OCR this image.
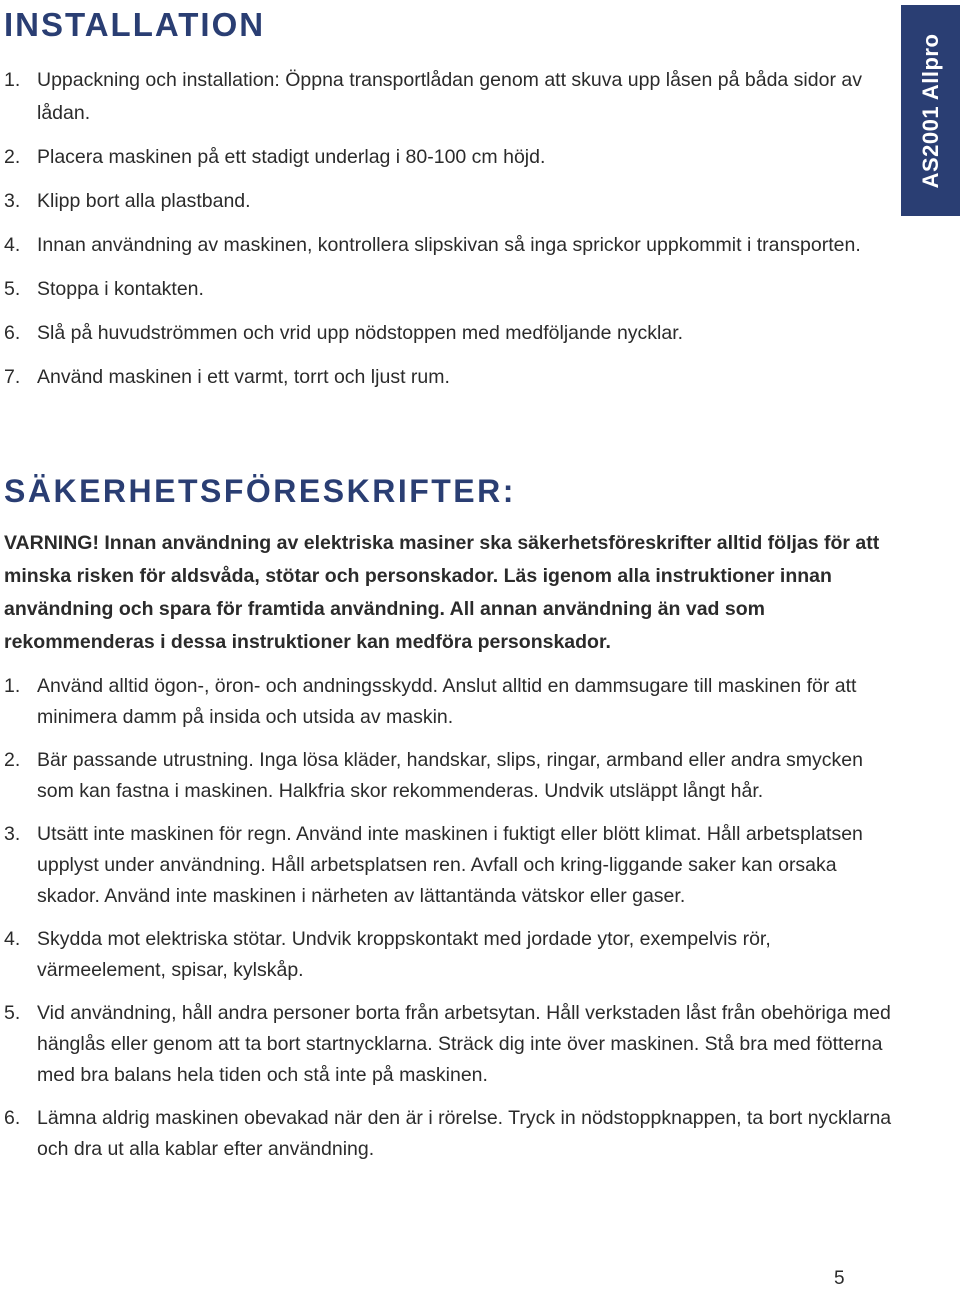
AS2001 Allpro
INSTALLATION
1. Uppackning och installation: Öppna transportlådan genom att skuva upp låsen på båda sidor av lådan.
2. Placera maskinen på ett stadigt underlag i 80-100 cm höjd.
3. Klipp bort alla plastband.
4. Innan användning av maskinen, kontrollera slipskivan så inga sprickor uppkommit i transporten.
5. Stoppa i kontakten.
6. Slå på huvudströmmen och vrid upp nödstoppen med medföljande nycklar.
7. Använd maskinen i ett varmt, torrt och ljust rum.
SÄKERHETSFÖRESKRIFTER:

VARNING! Innan användning av elektriska masiner ska säkerhetsföreskrifter alltid följas för att minska risken för aldsvåda, stötar och personskador. Läs igenom alla instruktioner innan användning och spara för framtida användning. All annan användning än vad som rekommenderas i dessa instruktioner kan medföra personskador.

1. Använd alltid ögon-, öron- och andningsskydd. Anslut alltid en dammsugare till maskinen för att minimera damm på insida och utsida av maskin.
2. Bär passande utrustning. Inga lösa kläder, handskar, slips, ringar, armband eller andra smycken som kan fastna i maskinen. Halkfria skor rekommenderas. Undvik utsläppt långt hår.
3. Utsätt inte maskinen för regn. Använd inte maskinen i fuktigt eller blött klimat. Håll arbetsplatsen upplyst under användning. Håll arbetsplatsen ren. Avfall och kring-liggande saker kan orsaka skador. Använd inte maskinen i närheten av lättantända vätskor eller gaser.
4. Skydda mot elektriska stötar. Undvik kroppskontakt med jordade ytor, exempelvis rör, värmeelement, spisar, kylskåp.
5. Vid användning, håll andra personer borta från arbetsytan. Håll verkstaden låst från obehöriga med hänglås eller genom att ta bort startnycklarna. Sträck dig inte över maskinen. Stå bra med fötterna med bra balans hela tiden och stå inte på maskinen.
6. Lämna aldrig maskinen obevakad när den är i rörelse. Tryck in nödstoppknappen, ta bort nycklarna och dra ut alla kablar efter användning.
5
